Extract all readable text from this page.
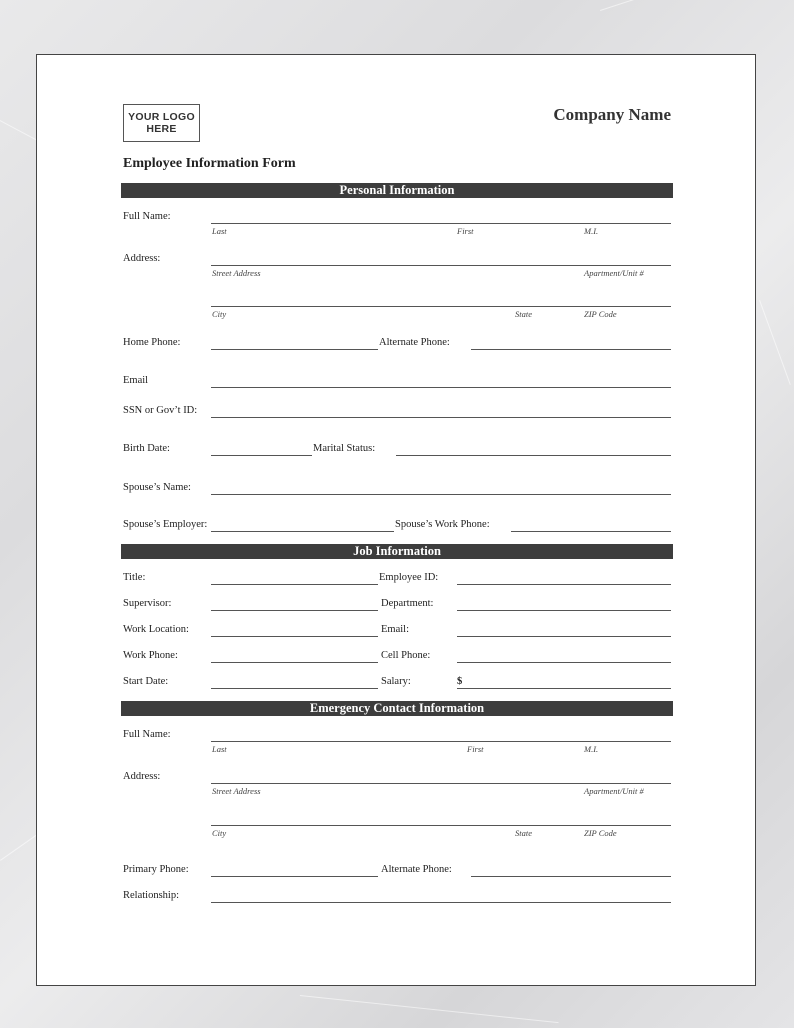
YOUR LOGO
HERE
Company Name
Employee Information Form
Personal Information
Full Name:
Last	First	M.I.
Address:
Street Address	Apartment/Unit #
City	State	ZIP Code
Home Phone:	Alternate Phone:
Email
SSN or Gov’t ID:
Birth Date:	Marital Status:
Spouse’s Name:
Spouse’s Employer:	Spouse’s Work Phone:
Job Information
Title:	Employee ID:
Supervisor:	Department:
Work Location:	Email:
Work Phone:	Cell Phone:
Start Date:	Salary:	$
Emergency Contact Information
Full Name:
Last	First	M.I.
Address:
Street Address	Apartment/Unit #
City	State	ZIP Code
Primary Phone:	Alternate Phone:
Relationship:
